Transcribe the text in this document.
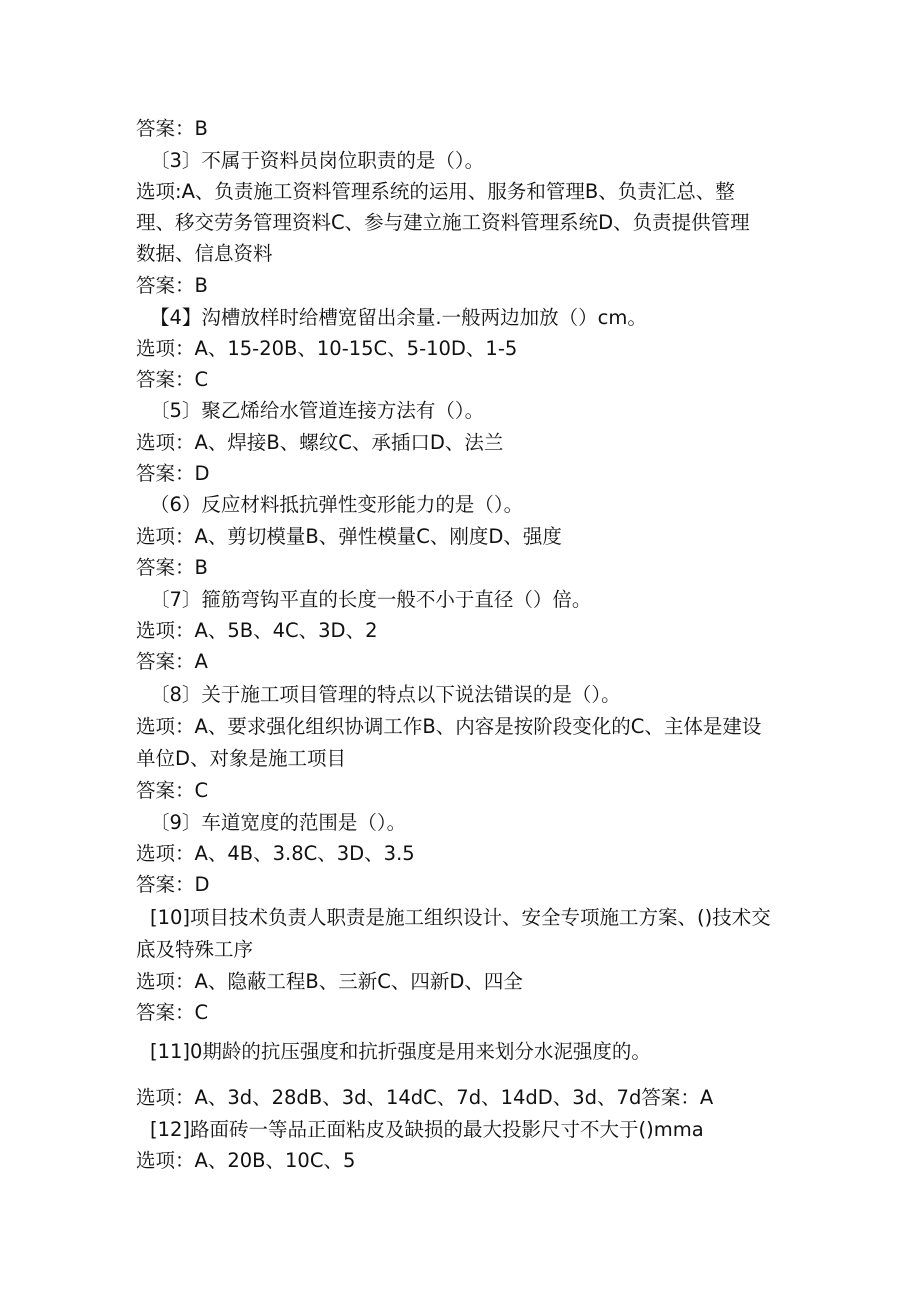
答案：B
〔3〕不属于资料员岗位职责的是（）。
选项:A、负责施工资料管理系统的运用、服务和管理B、负责汇总、整
理、移交劳务管理资料C、参与建立施工资料管理系统D、负责提供管理
数据、信息资料
答案：B
【4】沟槽放样时给槽宽留出余量.一般两边加放（）cm。
选项：A、15-20B、10-15C、5-10D、1-5
答案：C
〔5〕聚乙烯给水管道连接方法有（）。
选项：A、焊接B、螺纹C、承插口D、法兰
答案：D
（6）反应材料抵抗弹性变形能力的是（）。
选项：A、剪切模量B、弹性模量C、刚度D、强度
答案：B
〔7〕箍筋弯钩平直的长度一般不小于直径（）倍。
选项：A、5B、4C、3D、2
答案：A
〔8〕关于施工项目管理的特点以下说法错误的是（）。
选项：A、要求强化组织协调工作B、内容是按阶段变化的C、主体是建设
单位D、对象是施工项目
答案：C
〔9〕车道宽度的范围是（）。
选项：A、4B、3.8C、3D、3.5
答案：D
[10]项目技术负责人职责是施工组织设计、安全专项施工方案、()技术交
底及特殊工序
选项：A、隐蔽工程B、三新C、四新D、四全
答案：C
[11]0期龄的抗压强度和抗折强度是用来划分水泥强度的。
选项：A、3d、28dB、3d、14dC、7d、14dD、3d、7d答案：A
[12]路面砖一等品正面粘皮及缺损的最大投影尺寸不大于()mma
选项：A、20B、10C、5
